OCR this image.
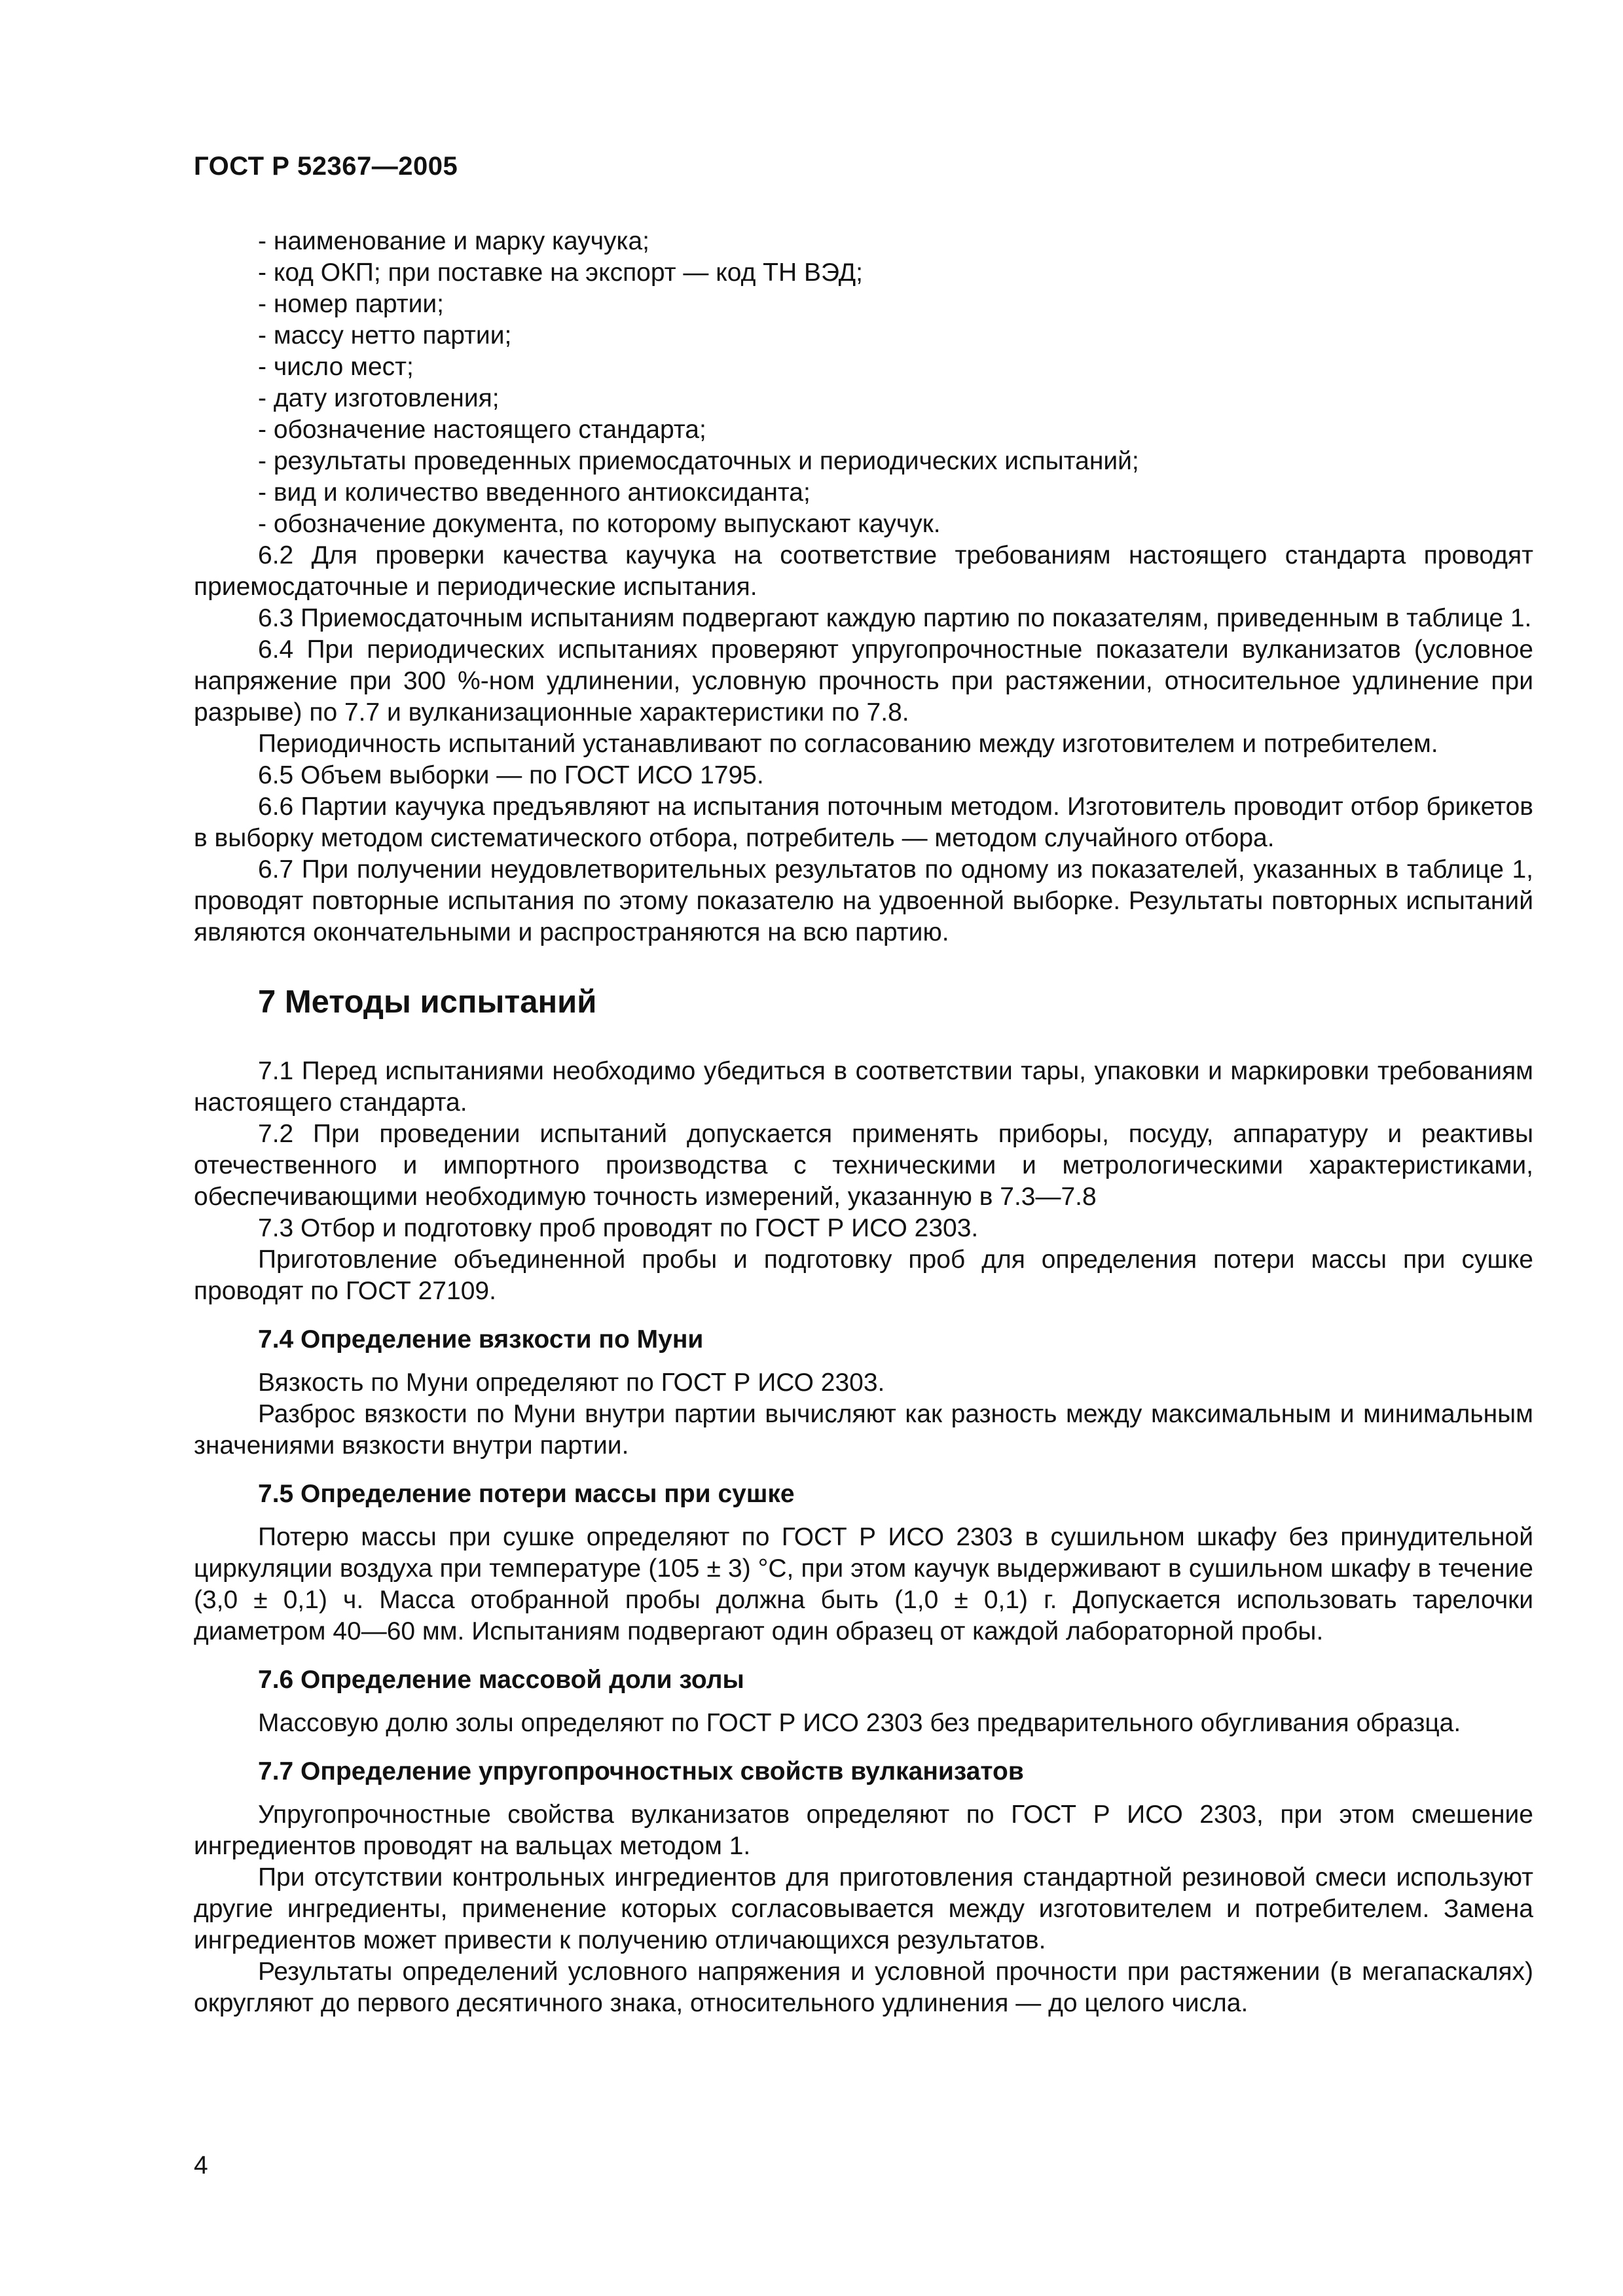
ГОСТ Р 52367—2005

- наименование и марку каучука;

- код ОКП; при поставке на экспорт — код ТН ВЭД;

- номер партии;

- массу нетто партии;

- число мест;

- дату изготовления;

- обозначение настоящего стандарта;

- результаты проведенных приемосдаточных и периодических испытаний;

- вид и количество введенного антиоксиданта;

- обозначение документа, по которому выпускают каучук.

6.2 Для проверки качества каучука на соответствие требованиям настоящего стандарта проводят приемосдаточные и периодические испытания.

6.3 Приемосдаточным испытаниям подвергают каждую партию по показателям, приведенным в таблице 1.

6.4 При периодических испытаниях проверяют упругопрочностные показатели вулканизатов (условное напряжение при 300 %-ном удлинении, условную прочность при растяжении, относительное удлинение при разрыве) по 7.7 и вулканизационные характеристики по 7.8.

Периодичность испытаний устанавливают по согласованию между изготовителем и потребителем.

6.5 Объем выборки — по ГОСТ ИСО 1795.

6.6 Партии каучука предъявляют на испытания поточным методом. Изготовитель проводит отбор брикетов в выборку методом систематического отбора, потребитель — методом случайного отбора.

6.7 При получении неудовлетворительных результатов по одному из показателей, указанных в таблице 1, проводят повторные испытания по этому показателю на удвоенной выборке. Результаты повторных испытаний являются окончательными и распространяются на всю партию.

7 Методы испытаний

7.1 Перед испытаниями необходимо убедиться в соответствии тары, упаковки и маркировки требованиям настоящего стандарта.

7.2 При проведении испытаний допускается применять приборы, посуду, аппаратуру и реактивы отечественного и импортного производства с техническими и метрологическими характеристиками, обеспечивающими необходимую точность измерений, указанную в 7.3—7.8

7.3 Отбор и подготовку проб проводят по ГОСТ Р ИСО 2303.

Приготовление объединенной пробы и подготовку проб для определения потери массы при сушке проводят по ГОСТ 27109.

7.4 Определение вязкости по Муни

Вязкость по Муни определяют по ГОСТ Р ИСО 2303.

Разброс вязкости по Муни внутри партии вычисляют как разность между максимальным и минимальным значениями вязкости внутри партии.

7.5 Определение потери массы при сушке

Потерю массы при сушке определяют по ГОСТ Р ИСО 2303 в сушильном шкафу без принудительной циркуляции воздуха при температуре (105 ± 3) °С, при этом каучук выдерживают в сушильном шкафу в течение (3,0 ± 0,1) ч. Масса отобранной пробы должна быть (1,0 ± 0,1) г. Допускается использовать тарелочки диаметром 40—60 мм. Испытаниям подвергают один образец от каждой лабораторной пробы.

7.6 Определение массовой доли золы

Массовую долю золы определяют по ГОСТ Р ИСО 2303 без предварительного обугливания образца.

7.7 Определение упругопрочностных свойств вулканизатов

Упругопрочностные свойства вулканизатов определяют по ГОСТ Р ИСО 2303, при этом смешение ингредиентов проводят на вальцах методом 1.

При отсутствии контрольных ингредиентов для приготовления стандартной резиновой смеси используют другие ингредиенты, применение которых согласовывается между изготовителем и потребителем. Замена ингредиентов может привести к получению отличающихся результатов.

Результаты определений условного напряжения и условной прочности при растяжении (в мегапаскалях) округляют до первого десятичного знака, относительного удлинения — до целого числа.

4
